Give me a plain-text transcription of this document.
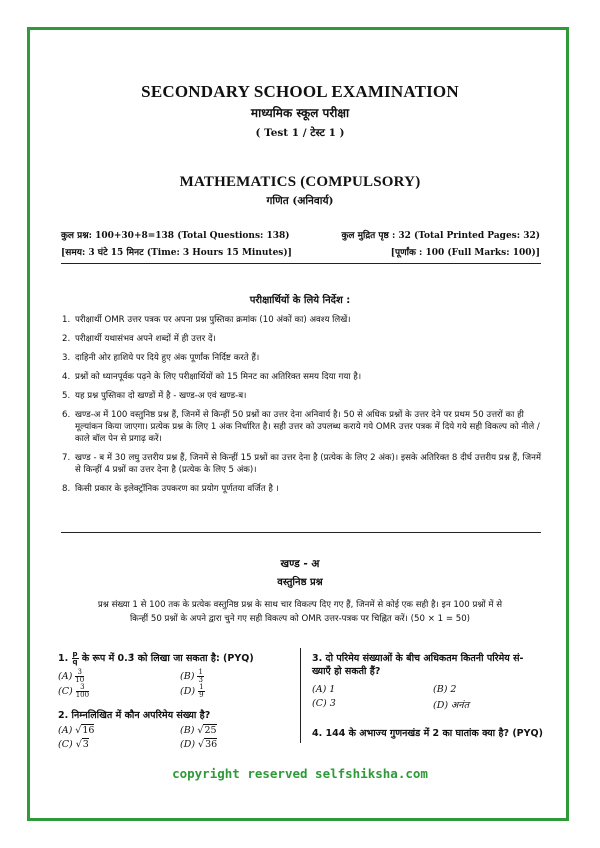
SECONDARY SCHOOL EXAMINATION
माध्यमिक स्कूल परीक्षा
( Test 1 / टेस्ट 1 )
MATHEMATICS (COMPULSORY)
गणित (अनिवार्य)
कुल प्रश्न: 100+30+8=138 (Total Questions: 138)	कुल मुद्रित पृष्ठ : 32 (Total Printed Pages: 32)
[समय: 3 घंटे 15 मिनट (Time: 3 Hours 15 Minutes)]	[पूर्णांक : 100 (Full Marks: 100)]
परीक्षार्थियों के लिये निर्देश :
1. परीक्षार्थी OMR उत्तर पत्रक पर अपना प्रश्न पुस्तिका क्रमांक (10 अंकों का) अवश्य लिखें।
2. परीक्षार्थी यथासंभव अपने शब्दों में ही उत्तर दें।
3. दाहिनी ओर हाशिये पर दिये हुए अंक पूर्णांक निर्दिष्ट करते हैं।
4. प्रश्नों को ध्यानपूर्वक पढ़ने के लिए परीक्षार्थियों को 15 मिनट का अतिरिक्त समय दिया गया है।
5. यह प्रश्न पुस्तिका दो खण्डों में है - खण्ड-अ एवं खण्ड-ब।
6. खण्ड-अ में 100 वस्तुनिष्ठ प्रश्न हैं, जिनमें से किन्हीं 50 प्रश्नों का उत्तर देना अनिवार्य है। 50 से अधिक प्रश्नों के उत्तर देने पर प्रथम 50 उत्तरों का ही मूल्यांकन किया जाएगा। प्रत्येक प्रश्न के लिए 1 अंक निर्धारित है। सही उत्तर को उपलब्ध कराये गये OMR उत्तर पत्रक में दिये गये सही विकल्प को नीले / काले बॉल पेन से प्रगाढ़ करें।
7. खण्ड - ब में 30 लघु उत्तरीय प्रश्न हैं, जिनमें से किन्हीं 15 प्रश्नों का उत्तर देना है (प्रत्येक के लिए 2 अंक)। इसके अतिरिक्त 8 दीर्घ उत्तरीय प्रश्न हैं, जिनमें से किन्हीं 4 प्रश्नों का उत्तर देना है (प्रत्येक के लिए 5 अंक)।
8. किसी प्रकार के इलेक्ट्रॉनिक उपकरण का प्रयोग पूर्णतया वर्जित है ।
खण्ड - अ
वस्तुनिष्ठ प्रश्न
प्रश्न संख्या 1 से 100 तक के प्रत्येक वस्तुनिष्ठ प्रश्न के साथ चार विकल्प दिए गए हैं, जिनमें से कोई एक सही है। इन 100 प्रश्नों में से
किन्हीं 50 प्रश्नों के अपने द्वारा चुने गए सही विकल्प को OMR उत्तर-पत्रक पर चिह्नित करें। (50 × 1 = 50)
1. $\frac{p}{q}$ के रूप में 0.3̄ को लिखा जा सकता है: (PYQ)
$(A) \frac{3}{10}$	$(B) \frac{1}{3}$
$(C) \frac{3}{100}$	$(D) \frac{1}{9}$
2. निम्नलिखित में कौन अपरिमेय संख्या है?
(A) √16	(B) √25
(C) √3	(D) √36
3. दो परिमेय संख्याओं के बीच अधिकतम कितनी परिमेय सं-
ख्याएँ हो सकती हैं?
(A) 1	(B) 2
(C) 3	(D) अनंत
4. 144 के अभाज्य गुणनखंड में 2 का घातांक क्या है? (PYQ)
copyright reserved selfshiksha.com
